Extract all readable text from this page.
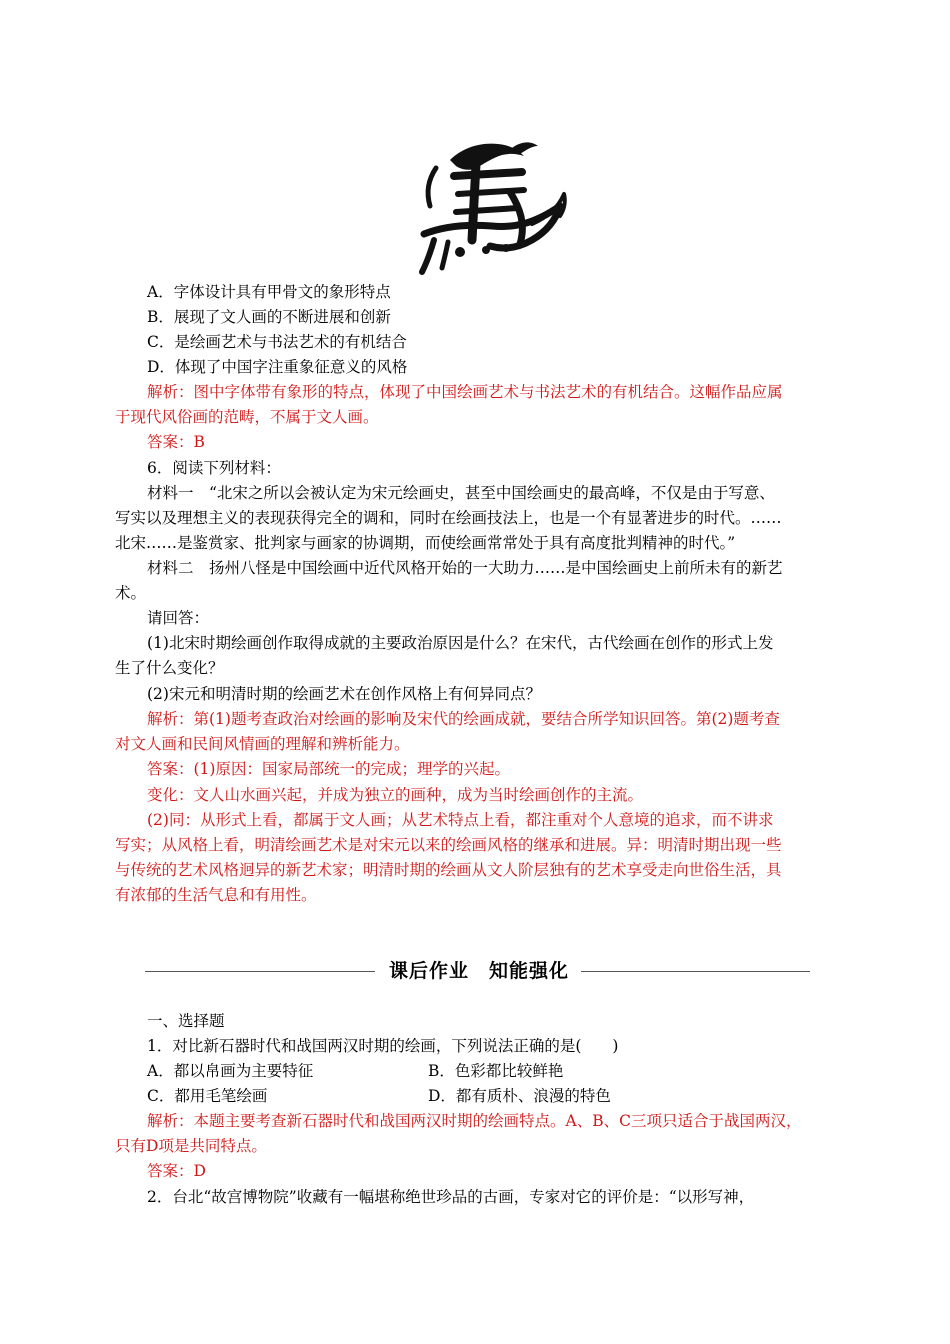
A．字体设计具有甲骨文的象形特点
B．展现了文人画的不断进展和创新
C．是绘画艺术与书法艺术的有机结合
D．体现了中国字注重象征意义的风格
解析：图中字体带有象形的特点，体现了中国绘画艺术与书法艺术的有机结合。这幅作品应属
于现代风俗画的范畴，不属于文人画。
答案：B
6．阅读下列材料：
材料一　“北宋之所以会被认定为宋元绘画史，甚至中国绘画史的最高峰，不仅是由于写意、
写实以及理想主义的表现获得完全的调和，同时在绘画技法上，也是一个有显著进步的时代。……
北宋……是鉴赏家、批判家与画家的协调期，而使绘画常常处于具有高度批判精神的时代。”
材料二　扬州八怪是中国绘画中近代风格开始的一大助力……是中国绘画史上前所未有的新艺
术。
请回答：
(1)北宋时期绘画创作取得成就的主要政治原因是什么？在宋代，古代绘画在创作的形式上发
生了什么变化？
(2)宋元和明清时期的绘画艺术在创作风格上有何异同点？
解析：第(1)题考查政治对绘画的影响及宋代的绘画成就，要结合所学知识回答。第(2)题考查
对文人画和民间风情画的理解和辨析能力。
答案：(1)原因：国家局部统一的完成；理学的兴起。
变化：文人山水画兴起，并成为独立的画种，成为当时绘画创作的主流。
(2)同：从形式上看，都属于文人画；从艺术特点上看，都注重对个人意境的追求，而不讲求
写实；从风格上看，明清绘画艺术是对宋元以来的绘画风格的继承和进展。异：明清时期出现一些
与传统的艺术风格迥异的新艺术家；明清时期的绘画从文人阶层独有的艺术享受走向世俗生活，具
有浓郁的生活气息和有用性。
课后作业　知能强化
一、选择题
1．对比新石器时代和战国两汉时期的绘画，下列说法正确的是(　　)
A．都以帛画为主要特征	B．色彩都比较鲜艳
C．都用毛笔绘画	D．都有质朴、浪漫的特色
解析：本题主要考查新石器时代和战国两汉时期的绘画特点。A、B、C三项只适合于战国两汉，
只有D项是共同特点。
答案：D
2．台北“故宫博物院”收藏有一幅堪称绝世珍品的古画，专家对它的评价是：“以形写神，
